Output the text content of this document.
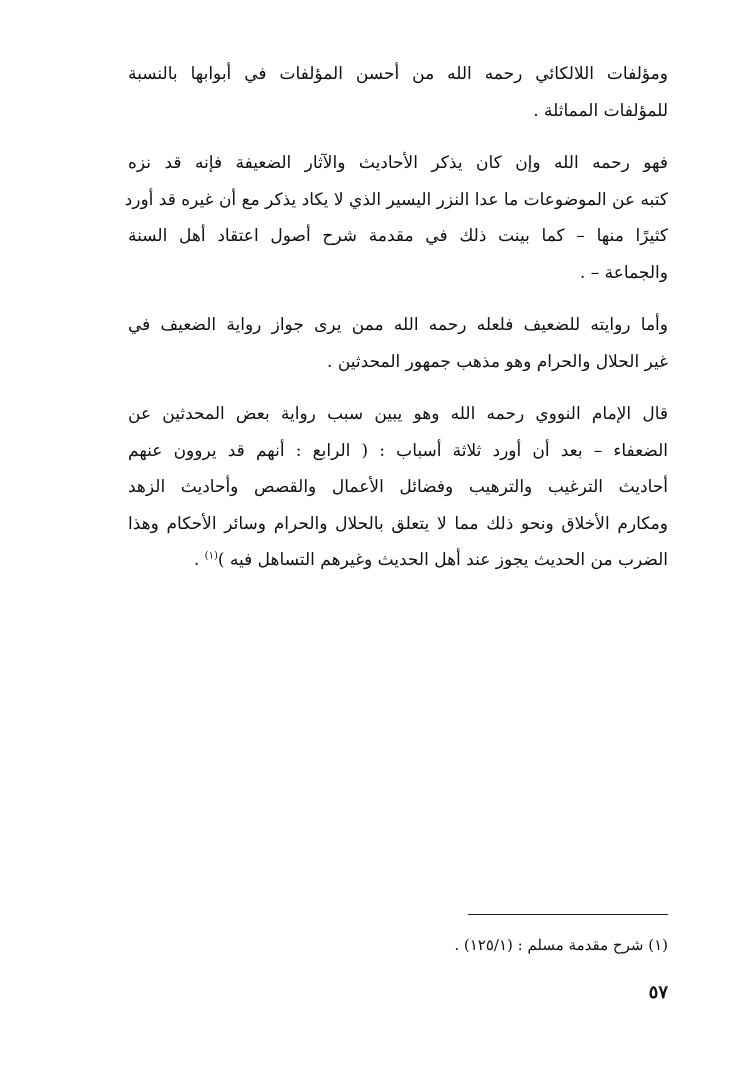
ومؤلفات اللالكائي رحمه الله من أحسن المؤلفات في أبوابها بالنسبة
للمؤلفات المماثلة .

فهو رحمه الله وإن كان يذكر الأحاديث والآثار الضعيفة فإنه قد نزه
كتبه عن الموضوعات ما عدا النزر اليسير الذي لا يكاد يذكر مع أن غيره قد أورد
كثيرًا منها – كما بينت ذلك في مقدمة شرح أصول اعتقاد أهل السنة
والجماعة – .

وأما روايته للضعيف فلعله رحمه الله ممن يرى جواز رواية الضعيف في
غير الحلال والحرام وهو مذهب جمهور المحدثين .

قال الإمام النووي رحمه الله وهو يبين سبب رواية بعض المحدثين عن
الضعفاء – بعد أن أورد ثلاثة أسباب : ( الرابع : أنهم قد يروون عنهم
أحاديث الترغيب والترهيب وفضائل الأعمال والقصص وأحاديث الزهد
ومكارم الأخلاق ونحو ذلك مما لا يتعلق بالحلال والحرام وسائر الأحكام وهذا
الضرب من الحديث يجوز عند أهل الحديث وغيرهم التساهل فيه )$^{(١)}$ .

(١) شرح مقدمة مسلم : (١٢٥/١) .
٥٧
